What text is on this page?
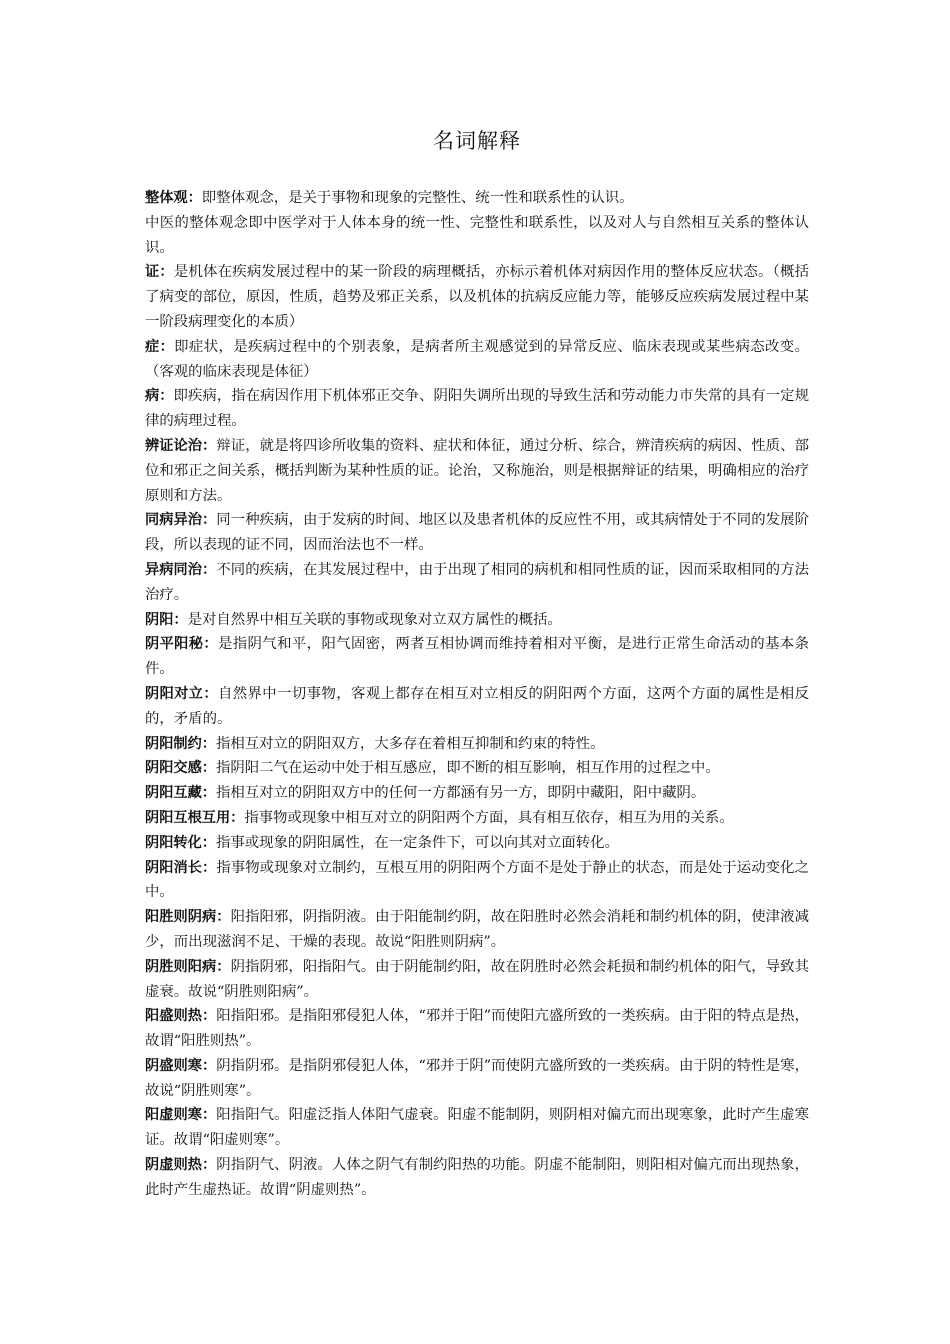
名词解释

整体观：即整体观念，是关于事物和现象的完整性、统一性和联系性的认识。

中医的整体观念即中医学对于人体本身的统一性、完整性和联系性，以及对人与自然相互关系的整体认识。

证：是机体在疾病发展过程中的某一阶段的病理概括，亦标示着机体对病因作用的整体反应状态。（概括了病变的部位，原因，性质，趋势及邪正关系，以及机体的抗病反应能力等，能够反应疾病发展过程中某一阶段病理变化的本质）

症：即症状，是疾病过程中的个别表象，是病者所主观感觉到的异常反应、临床表现或某些病态改变。（客观的临床表现是体征）

病：即疾病，指在病因作用下机体邪正交争、阴阳失调所出现的导致生活和劳动能力市失常的具有一定规律的病理过程。

辨证论治：辩证，就是将四诊所收集的资料、症状和体征，通过分析、综合，辨清疾病的病因、性质、部位和邪正之间关系，概括判断为某种性质的证。论治，又称施治，则是根据辩证的结果，明确相应的治疗原则和方法。

同病异治：同一种疾病，由于发病的时间、地区以及患者机体的反应性不用，或其病情处于不同的发展阶段，所以表现的证不同，因而治法也不一样。

异病同治：不同的疾病，在其发展过程中，由于出现了相同的病机和相同性质的证，因而采取相同的方法治疗。

阴阳：是对自然界中相互关联的事物或现象对立双方属性的概括。

阴平阳秘：是指阴气和平，阳气固密，两者互相协调而维持着相对平衡，是进行正常生命活动的基本条件。

阴阳对立：自然界中一切事物，客观上都存在相互对立相反的阴阳两个方面，这两个方面的属性是相反的，矛盾的。

阴阳制约：指相互对立的阴阳双方，大多存在着相互抑制和约束的特性。

阴阳交感：指阴阳二气在运动中处于相互感应，即不断的相互影响，相互作用的过程之中。

阴阳互藏：指相互对立的阴阳双方中的任何一方都涵有另一方，即阴中藏阳，阳中藏阴。

阴阳互根互用：指事物或现象中相互对立的阴阳两个方面，具有相互依存，相互为用的关系。

阴阳转化：指事或现象的阴阳属性，在一定条件下，可以向其对立面转化。

阴阳消长：指事物或现象对立制约，互根互用的阴阳两个方面不是处于静止的状态，而是处于运动变化之中。

阳胜则阴病：阳指阳邪，阴指阴液。由于阳能制约阴，故在阳胜时必然会消耗和制约机体的阴，使津液减少，而出现滋润不足、干燥的表现。故说“阳胜则阴病”。

阴胜则阳病：阴指阴邪，阳指阳气。由于阴能制约阳，故在阴胜时必然会耗损和制约机体的阳气，导致其虚衰。故说“阴胜则阳病”。

阳盛则热：阳指阳邪。是指阳邪侵犯人体，“邪并于阳”而使阳亢盛所致的一类疾病。由于阳的特点是热，故谓“阳胜则热”。

阴盛则寒：阴指阴邪。是指阴邪侵犯人体，“邪并于阴”而使阴亢盛所致的一类疾病。由于阴的特性是寒，故说“阴胜则寒”。

阳虚则寒：阳指阳气。阳虚泛指人体阳气虚衰。阳虚不能制阴，则阴相对偏亢而出现寒象，此时产生虚寒证。故谓“阳虚则寒”。

阴虚则热：阴指阴气、阴液。人体之阴气有制约阳热的功能。阴虚不能制阳，则阳相对偏亢而出现热象，此时产生虚热证。故谓“阴虚则热”。
